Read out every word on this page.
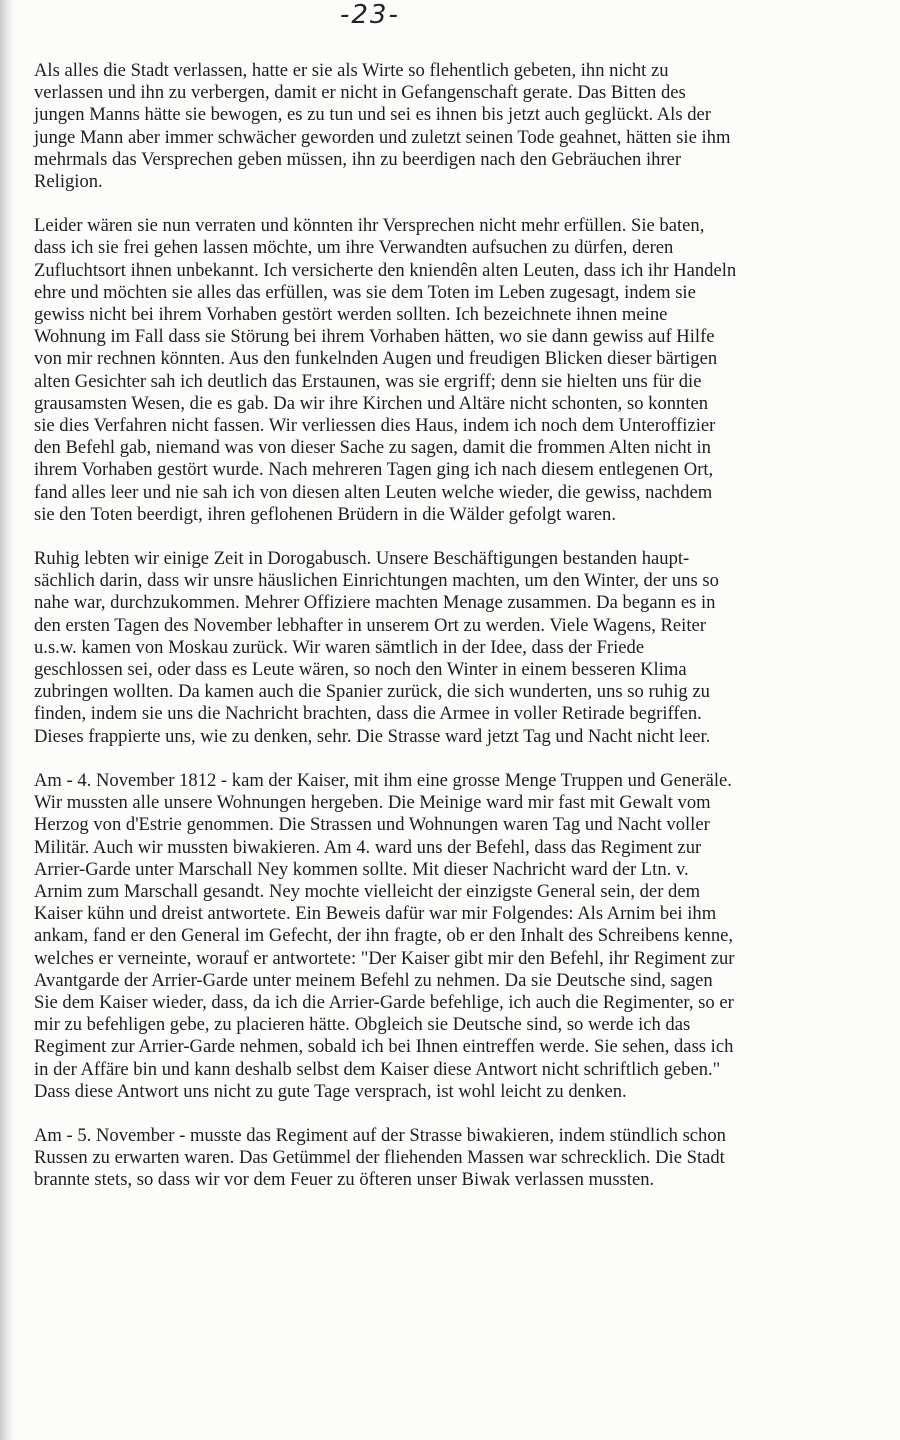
-23-

Als alles die Stadt verlassen, hatte er sie als Wirte so flehentlich gebeten, ihn nicht zu
verlassen und ihn zu verbergen, damit er nicht in Gefangenschaft gerate. Das Bitten des
jungen Manns hätte sie bewogen, es zu tun und sei es ihnen bis jetzt auch geglückt. Als der
junge Mann aber immer schwächer geworden und zuletzt seinen Tode geahnet, hätten sie ihm
mehrmals das Versprechen geben müssen, ihn zu beerdigen nach den Gebräuchen ihrer
Religion.

Leider wären sie nun verraten und könnten ihr Versprechen nicht mehr erfüllen. Sie baten,
dass ich sie frei gehen lassen möchte, um ihre Verwandten aufsuchen zu dürfen, deren
Zufluchtsort ihnen unbekannt. Ich versicherte den kniendên alten Leuten, dass ich ihr Handeln
ehre und möchten sie alles das erfüllen, was sie dem Toten im Leben zugesagt, indem sie
gewiss nicht bei ihrem Vorhaben gestört werden sollten. Ich bezeichnete ihnen meine
Wohnung im Fall dass sie Störung bei ihrem Vorhaben hätten, wo sie dann gewiss auf Hilfe
von mir rechnen könnten. Aus den funkelnden Augen und freudigen Blicken dieser bärtigen
alten Gesichter sah ich deutlich das Erstaunen, was sie ergriff; denn sie hielten uns für die
grausamsten Wesen, die es gab. Da wir ihre Kirchen und Altäre nicht schonten, so konnten
sie dies Verfahren nicht fassen. Wir verliessen dies Haus, indem ich noch dem Unteroffizier
den Befehl gab, niemand was von dieser Sache zu sagen, damit die frommen Alten nicht in
ihrem Vorhaben gestört wurde. Nach mehreren Tagen ging ich nach diesem entlegenen Ort,
fand alles leer und nie sah ich von diesen alten Leuten welche wieder, die gewiss, nachdem
sie den Toten beerdigt, ihren geflohenen Brüdern in die Wälder gefolgt waren.

Ruhig lebten wir einige Zeit in Dorogabusch. Unsere Beschäftigungen bestanden haupt-
sächlich darin, dass wir unsre häuslichen Einrichtungen machten, um den Winter, der uns so
nahe war, durchzukommen. Mehrer Offiziere machten Menage zusammen. Da begann es in
den ersten Tagen des November lebhafter in unserem Ort zu werden. Viele Wagens, Reiter
u.s.w. kamen von Moskau zurück. Wir waren sämtlich in der Idee, dass der Friede
geschlossen sei, oder dass es Leute wären, so noch den Winter in einem besseren Klima
zubringen wollten. Da kamen auch die Spanier zurück, die sich wunderten, uns so ruhig zu
finden, indem sie uns die Nachricht brachten, dass die Armee in voller Retirade begriffen.
Dieses frappierte uns, wie zu denken, sehr. Die Strasse ward jetzt Tag und Nacht nicht leer.

Am - 4. November 1812 - kam der Kaiser, mit ihm eine grosse Menge Truppen und Generäle.
Wir mussten alle unsere Wohnungen hergeben. Die Meinige ward mir fast mit Gewalt vom
Herzog von d'Estrie genommen. Die Strassen und Wohnungen waren Tag und Nacht voller
Militär. Auch wir mussten biwakieren. Am 4. ward uns der Befehl, dass das Regiment zur
Arrier-Garde unter Marschall Ney kommen sollte. Mit dieser Nachricht ward der Ltn. v.
Arnim zum Marschall gesandt. Ney mochte vielleicht der einzigste General sein, der dem
Kaiser kühn und dreist antwortete. Ein Beweis dafür war mir Folgendes: Als Arnim bei ihm
ankam, fand er den General im Gefecht, der ihn fragte, ob er den Inhalt des Schreibens kenne,
welches er verneinte, worauf er antwortete: "Der Kaiser gibt mir den Befehl, ihr Regiment zur
Avantgarde der Arrier-Garde unter meinem Befehl zu nehmen. Da sie Deutsche sind, sagen
Sie dem Kaiser wieder, dass, da ich die Arrier-Garde befehlige, ich auch die Regimenter, so er
mir zu befehligen gebe, zu placieren hätte. Obgleich sie Deutsche sind, so werde ich das
Regiment zur Arrier-Garde nehmen, sobald ich bei Ihnen eintreffen werde. Sie sehen, dass ich
in der Affäre bin und kann deshalb selbst dem Kaiser diese Antwort nicht schriftlich geben."
Dass diese Antwort uns nicht zu gute Tage versprach, ist wohl leicht zu denken.

Am - 5. November - musste das Regiment auf der Strasse biwakieren, indem stündlich schon
Russen zu erwarten waren. Das Getümmel der fliehenden Massen war schrecklich. Die Stadt
brannte stets, so dass wir vor dem Feuer zu öfteren unser Biwak verlassen mussten.
